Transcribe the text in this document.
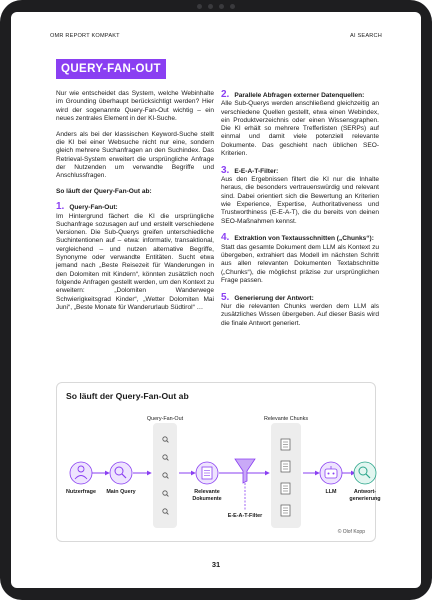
OMR REPORT KOMPAKT	AI SEARCH
QUERY-FAN-OUT

Nur wie entscheidet das System, welche Webinhalte im Grounding überhaupt berücksichtigt werden? Hier wird der sogenannte Query-Fan-Out wichtig – ein neues zentrales Element in der KI-Suche.

Anders als bei der klassischen Keyword-Suche stellt die KI bei einer Websuche nicht nur eine, sondern gleich mehrere Suchanfragen an den Suchindex. Das Retrieval-System erweitert die ursprüngliche Anfrage der Nutzenden um verwandte Begriffe und Anschlussfragen.

So läuft der Query-Fan-Out ab:

1. Query-Fan-Out:

Im Hintergrund fächert die KI die ursprüngliche Suchanfrage sozusagen auf und erstellt verschiedene Versionen. Die Sub-Querys greifen unterschiedliche Suchintentionen auf – etwa: informativ, transaktional, vergleichend – und nutzen alternative Begriffe, Synonyme oder verwandte Entitäten. Sucht etwa jemand nach „Beste Reisezeit für Wanderungen in den Dolomiten mit Kindern“, könnten zusätzlich noch folgende Anfragen gestellt werden, um den Kontext zu erweitern: „Dolomiten Wanderwege Schwierigkeitsgrad Kinder“, „Wetter Dolomiten Mai Juni“, „Beste Monate für Wanderurlaub Südtirol“ …

2. Parallele Abfragen externer Datenquellen:

Alle Sub-Querys werden anschließend gleichzeitig an verschiedene Quellen gestellt, etwa einen Webindex, ein Produktverzeichnis oder einen Wissensgraphen. Die KI erhält so mehrere Trefferlisten (SERPs) auf einmal und damit viele potenziell relevante Dokumente. Das geschieht nach üblichen SEO-Kriterien.

3. E-E-A-T-Filter:

Aus den Ergebnissen filtert die KI nur die Inhalte heraus, die besonders vertrauenswürdig und relevant sind. Dabei orientiert sich die Bewertung an Kriterien wie Experience, Expertise, Authoritativeness und Trustworthiness (E-E-A-T), die du bereits von deinen SEO-Maßnahmen kennst.

4. Extraktion von Textausschnitten („Chunks“):

Statt das gesamte Dokument dem LLM als Kontext zu übergeben, extrahiert das Modell im nächsten Schritt aus allen relevanten Dokumenten Textabschnitte („Chunks“), die möglichst präzise zur ursprünglichen Frage passen.

5. Generierung der Antwort:

Nur die relevanten Chunks werden dem LLM als zusätzliches Wissen übergeben. Auf dieser Basis wird die finale Antwort generiert.

So läuft der Query-Fan-Out ab
Query-Fan-Out	Relevante Chunks
Nutzerfrage	Main Query	Relevante Dokumente
LLM	Antwort-generierung
E-E-A-T-Filter
© Olof Kopp
31
